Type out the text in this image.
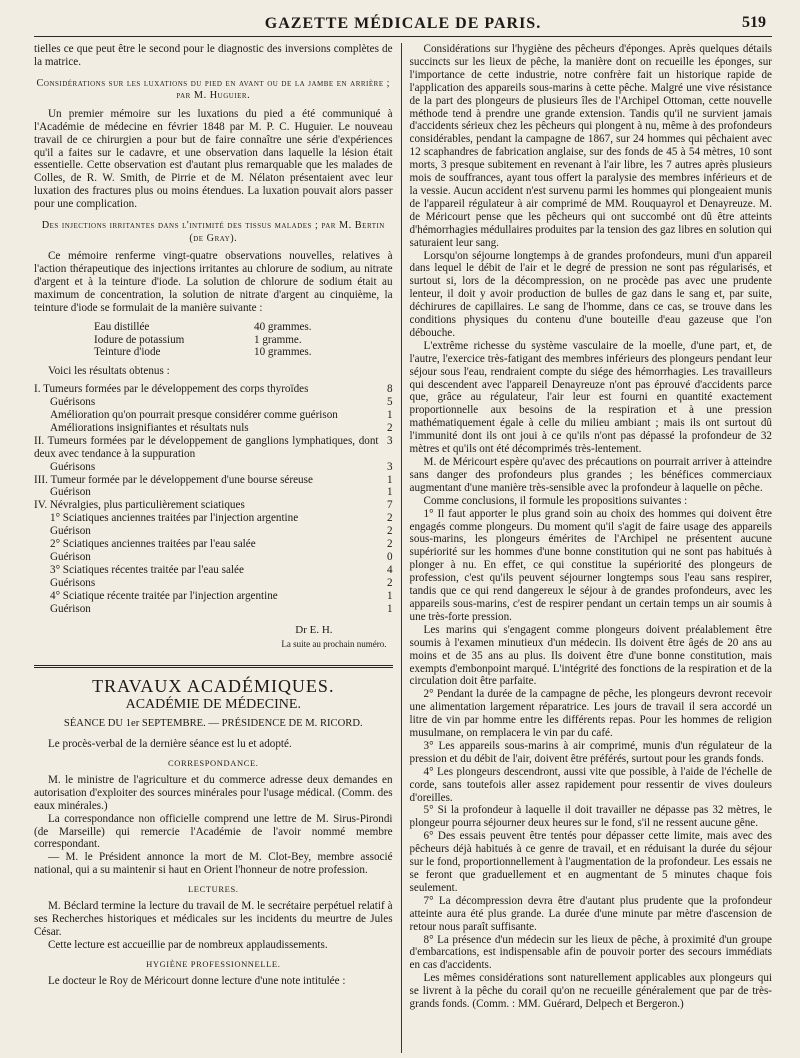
GAZETTE MÉDICALE DE PARIS.	519

tielles ce que peut être le second pour le diagnostic des inversions complètes de la matrice.

Considérations sur les luxations du pied en avant ou de la jambe en arrière ; par M. Huguier.

Un premier mémoire sur les luxations du pied a été communiqué à l'Académie de médecine en février 1848 par M. P. C. Huguier. Le nouveau travail de ce chirurgien a pour but de faire connaître une série d'expériences qu'il a faites sur le cadavre, et une observation dans laquelle la lésion était essentielle. Cette observation est d'autant plus remarquable que les malades de Colles, de R. W. Smith, de Pirrie et de M. Nélaton présentaient avec leur luxation des fractures plus ou moins étendues. La luxation pouvait alors passer pour une complication.

Des injections irritantes dans l'intimité des tissus malades ; par M. Bertin (de Gray).

Ce mémoire renferme vingt-quatre observations nouvelles, relatives à l'action thérapeutique des injections irritantes au chlorure de sodium, au nitrate d'argent et à la teinture d'iode. La solution de chlorure de sodium était au maximum de concentration, la solution de nitrate d'argent au cinquième, la teinture d'iode se formulait de la manière suivante :

Eau distillée	40 grammes.
Iodure de potassium	1 gramme.
Teinture d'iode	10 grammes.

Voici les résultats obtenus :

I. Tumeurs formées par le développement des corps thyroïdes	8
Guérisons	5
Amélioration qu'on pourrait presque considérer comme guérison	1
Améliorations insignifiantes et résultats nuls	2
II. Tumeurs formées par le développement de ganglions lymphatiques, dont deux avec tendance à la suppuration
3
Guérisons	3
III. Tumeur formée par le développement d'une bourse séreuse	1
Guérison	1
IV. Névralgies, plus particulièrement sciatiques	7
1° Sciatiques anciennes traitées par l'injection argentine	2
Guérison	2
2° Sciatiques anciennes traitées par l'eau salée	2
Guérison	0
3° Sciatiques récentes traitée par l'eau salée	4
Guérisons	2
4° Sciatique récente traitée par l'injection argentine	1
Guérison	1
Dr E. H.
La suite au prochain numéro.
TRAVAUX ACADÉMIQUES.
ACADÉMIE DE MÉDECINE.
SÉANCE DU 1er SEPTEMBRE. — PRÉSIDENCE DE M. RICORD.

Le procès-verbal de la dernière séance est lu et adopté.

CORRESPONDANCE.

M. le ministre de l'agriculture et du commerce adresse deux demandes en autorisation d'exploiter des sources minérales pour l'usage médical. (Comm. des eaux minérales.)

La correspondance non officielle comprend une lettre de M. Sirus-Pirondi (de Marseille) qui remercie l'Académie de l'avoir nommé membre correspondant.

— M. le Président annonce la mort de M. Clot-Bey, membre associé national, qui a su maintenir si haut en Orient l'honneur de notre profession.

LECTURES.

M. Béclard termine la lecture du travail de M. le secrétaire perpétuel relatif à ses Recherches historiques et médicales sur les incidents du meurtre de Jules César.

Cette lecture est accueillie par de nombreux applaudissements.

HYGIÈNE PROFESSIONNELLE.

Le docteur le Roy de Méricourt donne lecture d'une note intitulée :

Considérations sur l'hygiène des pêcheurs d'éponges. Après quelques détails succincts sur les lieux de pêche, la manière dont on recueille les éponges, sur l'importance de cette industrie, notre confrère fait un historique rapide de l'application des appareils sous-marins à cette pêche. Malgré une vive résistance de la part des plongeurs de plusieurs îles de l'Archipel Ottoman, cette nouvelle méthode tend à prendre une grande extension. Tandis qu'il ne survient jamais d'accidents sérieux chez les pêcheurs qui plongent à nu, même à des profondeurs considérables, pendant la campagne de 1867, sur 24 hommes qui pêchaient avec 12 scaphandres de fabrication anglaise, sur des fonds de 45 à 54 mètres, 10 sont morts, 3 presque subitement en revenant à l'air libre, les 7 autres après plusieurs mois de souffrances, ayant tous offert la paralysie des membres inférieurs et de la vessie. Aucun accident n'est survenu parmi les hommes qui plongeaient munis de l'appareil régulateur à air comprimé de MM. Rouquayrol et Denayreuze. M. de Méricourt pense que les pêcheurs qui ont succombé ont dû être atteints d'hémorrhagies médullaires produites par la tension des gaz libres en solution qui saturaient leur sang.

Lorsqu'on séjourne longtemps à de grandes profondeurs, muni d'un appareil dans lequel le débit de l'air et le degré de pression ne sont pas régularisés, et surtout si, lors de la décompression, on ne procède pas avec une prudente lenteur, il doit y avoir production de bulles de gaz dans le sang et, par suite, déchirures de capillaires. Le sang de l'homme, dans ce cas, se trouve dans les conditions physiques du contenu d'une bouteille d'eau gazeuse que l'on débouche.

L'extrême richesse du système vasculaire de la moelle, d'une part, et, de l'autre, l'exercice très-fatigant des membres inférieurs des plongeurs pendant leur séjour sous l'eau, rendraient compte du siége des hémorrhagies. Les travailleurs qui descendent avec l'appareil Denayreuze n'ont pas éprouvé d'accidents parce que, grâce au régulateur, l'air leur est fourni en quantité exactement proportionnelle aux besoins de la respiration et à une pression mathématiquement égale à celle du milieu ambiant ; mais ils ont surtout dû l'immunité dont ils ont joui à ce qu'ils n'ont pas dépassé la profondeur de 32 mètres et qu'ils ont été décomprimés très-lentement.

M. de Méricourt espère qu'avec des précautions on pourrait arriver à atteindre sans danger des profondeurs plus grandes ; les bénéfices commerciaux augmentant d'une manière très-sensible avec la profondeur à laquelle on pêche.

Comme conclusions, il formule les propositions suivantes :

1° Il faut apporter le plus grand soin au choix des hommes qui doivent être engagés comme plongeurs. Du moment qu'il s'agit de faire usage des appareils sous-marins, les plongeurs émérites de l'Archipel ne présentent aucune supériorité sur les hommes d'une bonne constitution qui ne sont pas habitués à plonger à nu. En effet, ce qui constitue la supériorité des plongeurs de profession, c'est qu'ils peuvent séjourner longtemps sous l'eau sans respirer, tandis que ce qui rend dangereux le séjour à de grandes profondeurs, avec les appareils sous-marins, c'est de respirer pendant un certain temps un air soumis à une très-forte pression.

Les marins qui s'engagent comme plongeurs doivent préalablement être soumis à l'examen minutieux d'un médecin. Ils doivent être âgés de 20 ans au moins et de 35 ans au plus. Ils doivent être d'une bonne constitution, mais exempts d'embonpoint marqué. L'intégrité des fonctions de la respiration et de la circulation doit être parfaite.

2° Pendant la durée de la campagne de pêche, les plongeurs devront recevoir une alimentation largement réparatrice. Les jours de travail il sera accordé un litre de vin par homme entre les différents repas. Pour les hommes de religion musulmane, on remplacera le vin par du café.

3° Les appareils sous-marins à air comprimé, munis d'un régulateur de la pression et du débit de l'air, doivent être préférés, surtout pour les grands fonds.

4° Les plongeurs descendront, aussi vite que possible, à l'aide de l'échelle de corde, sans toutefois aller assez rapidement pour ressentir de vives douleurs d'oreilles.

5° Si la profondeur à laquelle il doit travailler ne dépasse pas 32 mètres, le plongeur pourra séjourner deux heures sur le fond, s'il ne ressent aucune gêne.

6° Des essais peuvent être tentés pour dépasser cette limite, mais avec des pêcheurs déjà habitués à ce genre de travail, et en réduisant la durée du séjour sur le fond, proportionnellement à l'augmentation de la profondeur. Les essais ne se feront que graduellement et en augmentant de 5 minutes chaque fois seulement.

7° La décompression devra être d'autant plus prudente que la profondeur atteinte aura été plus grande. La durée d'une minute par mètre d'ascension de retour nous paraît suffisante.

8° La présence d'un médecin sur les lieux de pêche, à proximité d'un groupe d'embarcations, est indispensable afin de pouvoir porter des secours immédiats en cas d'accidents.

Les mêmes considérations sont naturellement applicables aux plongeurs qui se livrent à la pêche du corail qu'on ne recueille généralement que par de très-grands fonds. (Comm. : MM. Guérard, Delpech et Bergeron.)
